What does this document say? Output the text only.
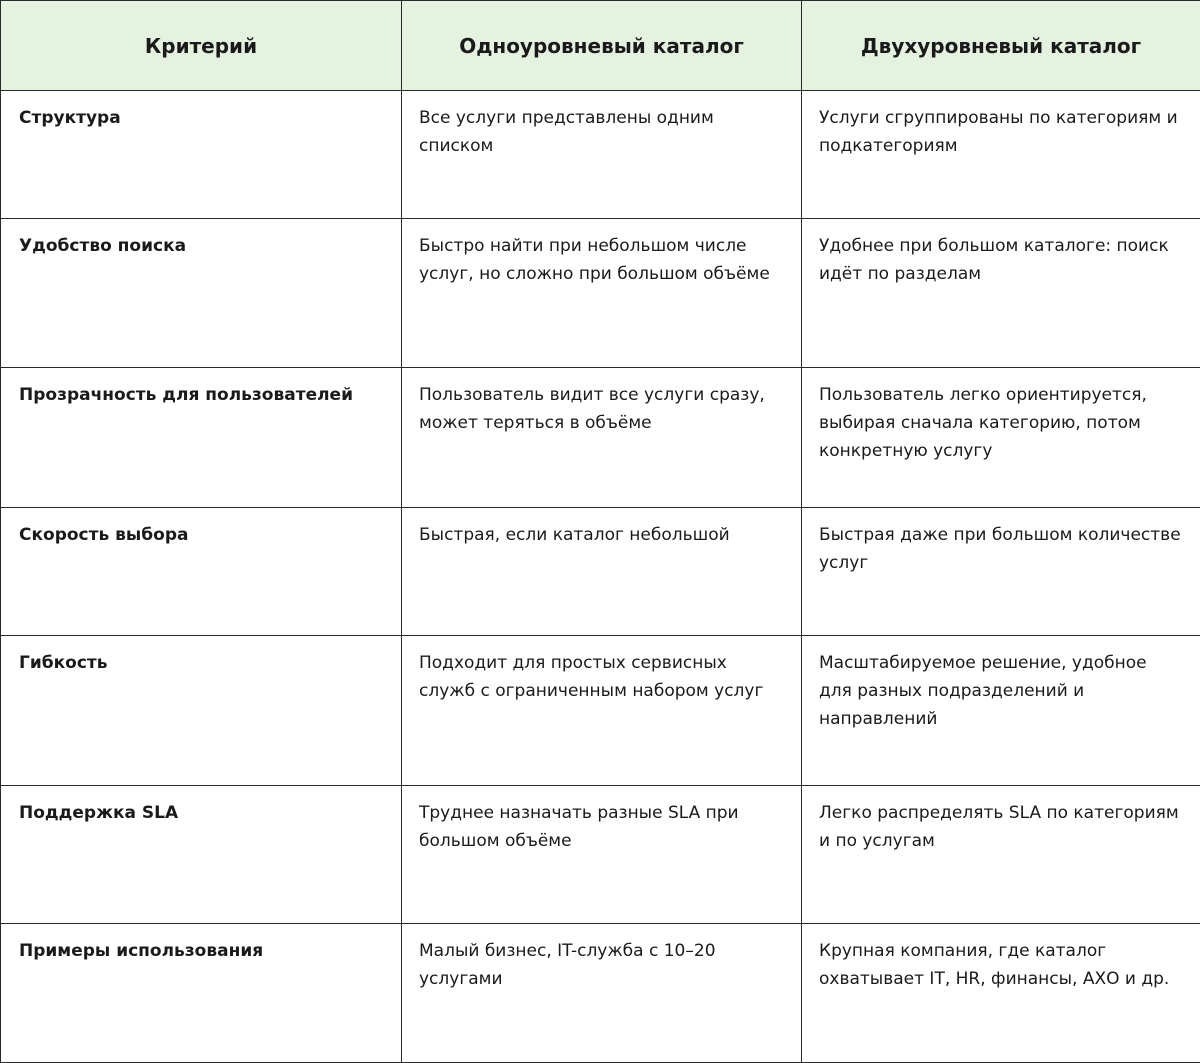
Критерий	Одноуровневый каталог	Двухуровневый каталог
Структура	Все услуги представлены одним списком	Услуги сгруппированы по категориям и подкатегориям
Удобство поиска	Быстро найти при небольшом числе услуг, но сложно при большом объёме	Удобнее при большом каталоге: поиск идёт по разделам
Прозрачность для пользователей	Пользователь видит все услуги сразу, может теряться в объёме	Пользователь легко ориентируется, выбирая сначала категорию, потом конкретную услугу
Скорость выбора	Быстрая, если каталог небольшой	Быстрая даже при большом количестве услуг
Гибкость	Подходит для простых сервисных служб с ограниченным набором услуг	Масштабируемое решение, удобное для разных подразделений и направлений
Поддержка SLA	Труднее назначать разные SLA при большом объёме	Легко распределять SLA по категориям и по услугам
Примеры использования	Малый бизнес, IT-служба с 10–20 услугами	Крупная компания, где каталог охватывает IT, HR, финансы, АХО и др.
